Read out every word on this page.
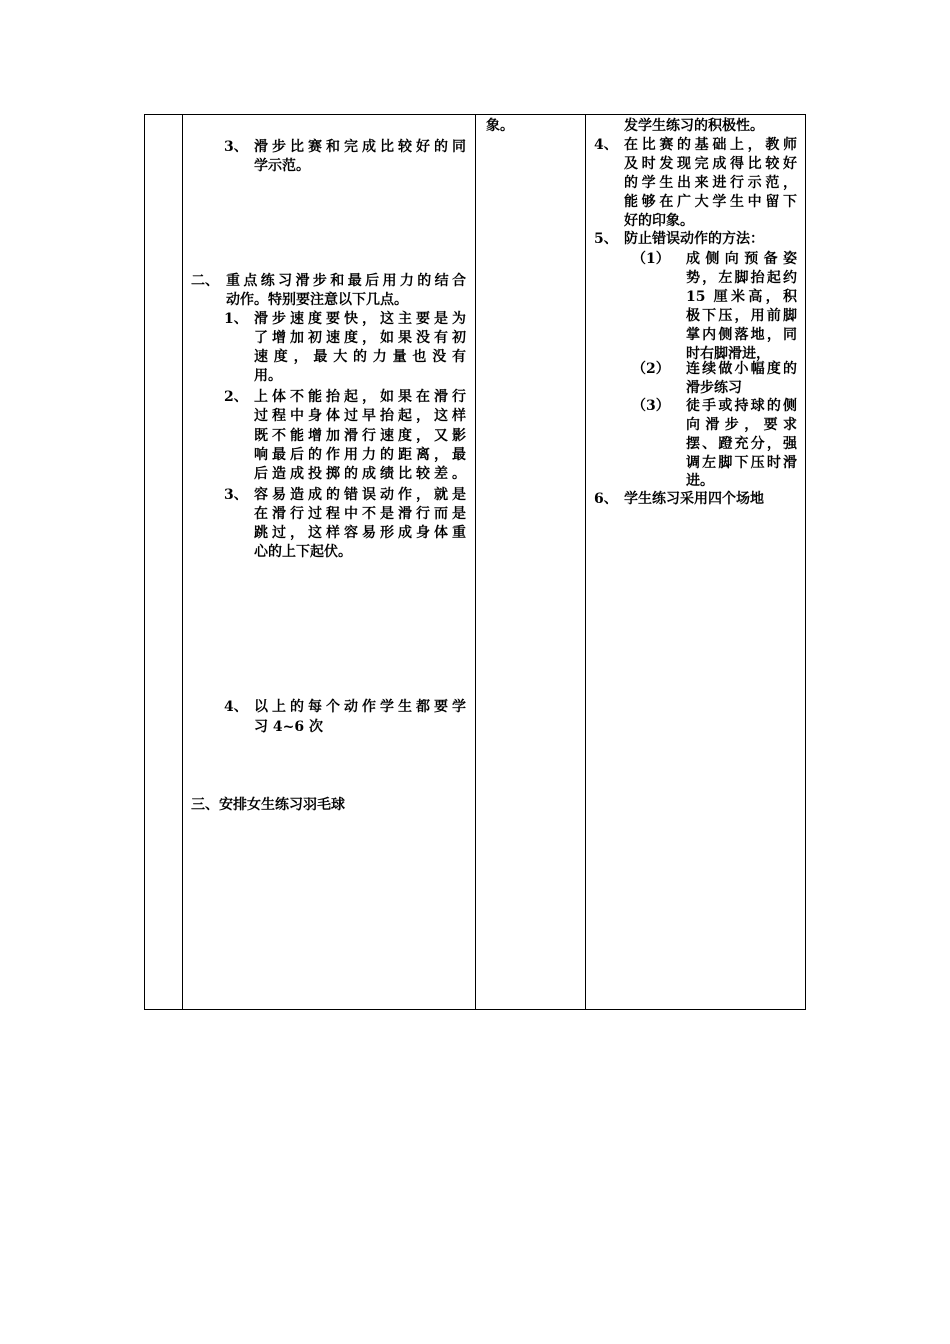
3、 滑步比赛和完成比较好的同
学示范。
二、 重点练习滑步和最后用力的结合
动作。特别要注意以下几点。
1、 滑步速度要快，这主要是为
了增加初速度，如果没有初
速度，最大的力量也没有
用。
2、 上体不能抬起，如果在滑行
过程中身体过早抬起，这样
既不能增加滑行速度，又影
响最后的作用力的距离，最
后造成投掷的成绩比较差。
3、 容易造成的错误动作，就是
在滑行过程中不是滑行而是
跳过，这样容易形成身体重
心的上下起伏。
4、 以上的每个动作学生都要学
习 4~6 次
三、安排女生练习羽毛球
象。	发学生练习的积极性。
4、 在比赛的基础上，教师
及时发现完成得比较好
的学生出来进行示范，
能够在广大学生中留下
好的印象。
5、 防止错误动作的方法：
（1） 成侧向预备姿
势，左脚抬起约
15 厘米高，积
极下压，用前脚
掌内侧落地，同
时右脚滑进，
（2） 连续做小幅度的
滑步练习
（3） 徒手或持球的侧
向滑步，要求
摆、蹬充分，强
调左脚下压时滑
进。
6、 学生练习采用四个场地
